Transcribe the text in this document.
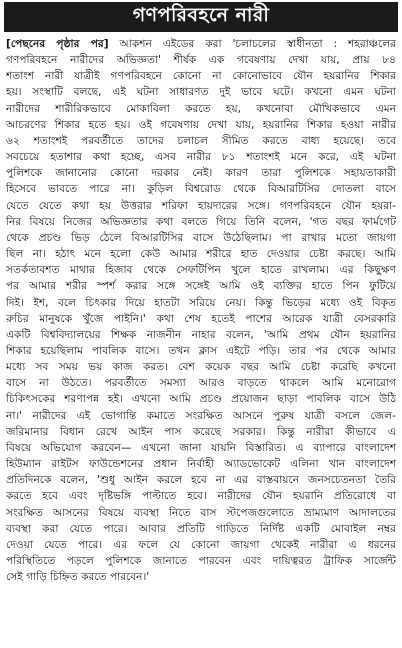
গণপরিবহনে নারী
[পেছনের পৃষ্ঠার পর] আকশন এইডের করা 'চলাচলের স্বাধীনতা : শহরাঞ্চলের
গণপরিবহনে নারীদের অভিজ্ঞতা' শীর্ষক এক গবেষণায় দেখা যায়, প্রায় ৮৪
শতাংশ নারী যাত্রীই গণপরিবহনে কোনো না কোনোভাবে যৌন হয়রানির শিকার
হয়। সংস্থাটি বলছে, এই ঘটনা সাধারণত দুই ভাবে ঘটে। কখনো এমন ঘটনা
নারীদের শারীরিকভাবে মোকাবিলা করতে হয়, কখনোবা মৌখিকভাবে এমন
আচরণের শিকার হতে হয়। ওই গবেষণায় দেখা যায়, হয়রানির শিকার হওয়া নারীর
৬২ শতাংশই পরবর্তীতে তাদের চলাচল সীমিত করতে বাধ্য হয়েছে। তবে
সবচেয়ে হতাশার কথা হচ্ছে, এসব নারীর ৮১ শতাংশই মনে করে, এই ঘটনা
পুলিশকে জানানোর কোনো দরকার নেই। কারণ তারা পুলিশকে সহায়তাকারী
হিসেবে ভাবতে পারে না। কুড়িল বিশ্বরোড থেকে বিআরটিসির দোতলা বাসে
যেতে যেতে কথা হয় উত্তরার শরিফা হায়দারের সঙ্গে। গণপরিবহনে যৌন হয়রা-
নির বিষয়ে নিজের অভিজ্ঞতার কথা বলতে গিয়ে তিনি বলেন, 'গত বছর ফার্মগেট
থেকে প্রচণ্ড ভিড় ঠেলে বিআরটিসির বাসে উঠেছিলাম। পা রাখার মতো জায়গা
ছিল না। হঠাৎ মনে হলো কেউ আমার শরীরে হাত দেওয়ার চেষ্টা করছে। আমি
সতর্কতাবশত মাথার হিজাব থেকে সেফটিপিন খুলে হাতে রাখলাম। এর কিছুক্ষণ
পর আমার শরীর স্পর্শ করার সঙ্গে সঙ্গেই আমি ওই ব্যক্তির হাতে পিন ফুটিয়ে
দিই। ইশ, বলে চিৎকার দিয়ে হাতটা সরিয়ে নেয়। কিন্তু ভিড়ের মধ্যে ওই বিকৃত
রুচির মানুষকে খুঁজে পাইনি।' কথা শেষ হতেই পাশের আরেক যাত্রী বেসরকারি
একটি বিশ্ববিদ্যালয়ের শিক্ষক নাজনীন নাহার বলেন, 'আমি প্রথম যৌন হয়রানির
শিকার হয়েছিলাম পাবলিক বাসে। তখন ক্লাস এইটে পড়ি। তার পর থেকে আমার
মধ্যে সব সময় ভয় কাজ করত। বেশ কয়েক বছর আমি চেষ্টা করেছি কখনো
বাসে না উঠতে। পরবর্তীতে সমস্যা আরও বাড়তে থাকলে আমি মনোরোগ
চিকিৎসকের শরণাপন্ন হই। এখনো আমি প্রচণ্ড প্রয়োজন ছাড়া পাবলিক বাসে উঠি
না।' নারীদের এই ভোগান্তি কমাতে সংরক্ষিত আসনে পুরুষ যাত্রী বসলে জেল-
জরিমানার বিধান রেখে আইন পাস করেছে সরকার। কিন্তু নারীরা কীভাবে এ
বিষয়ে অভিযোগ করবেন— এখনো জানা যায়নি বিস্তারিত। এ ব্যাপারে বাংলাদেশ
হিউম্যান রাইটস ফাউন্ডেশনের প্রধান নির্বাহী অ্যাডভোকেট এলিনা খান বাংলাদেশ
প্রতিদিনকে বলেন, 'শুধু আইন করলে হবে না এর বাস্তবায়নে জনসচেতনতা তৈরি
করতে হবে এবং দৃষ্টিভঙ্গি পাল্টাতে হবে। নারীদের যৌন হয়রানি প্রতিরোধে বা
সংরক্ষিত আসনের বিষয়ে ব্যবস্থা নিতে বাস স্টপেজগুলোতে ভ্রাম্যমাণ আদালতের
ব্যবস্থা করা যেতে পারে। আবার প্রতিটি গাড়িতে নির্দিষ্ট একটি মোবাইল নম্বর
দেওয়া যেতে পারে। এর ফলে যে কোনো জায়গা থেকেই নারীরা এ ধরনের
পরিস্থিতিতে পড়লে পুলিশকে জানাতে পারবেন এবং দায়িত্বরত ট্রাফিক সার্জেন্ট
সেই গাড়ি চিহ্নিত করতে পারবেন।'
